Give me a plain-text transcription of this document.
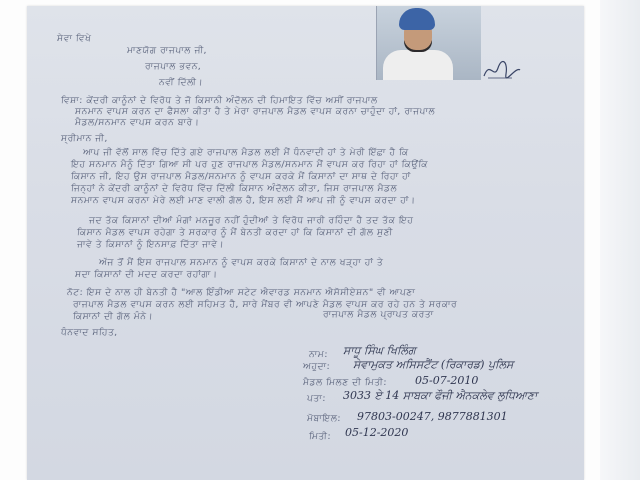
ਸੇਵਾ ਵਿਖੇ
ਮਾਣਯੋਗ ਰਾਜਪਾਲ ਜੀ,
ਰਾਜਪਾਲ ਭਵਨ,
ਨਵੀਂ ਦਿੱਲੀ।
ਵਿਸ਼ਾ: ਕੇਂਦਰੀ ਕਾਨੂੰਨਾਂ ਦੇ ਵਿਰੋਧ ਤੇ ਜੋ ਕਿਸਾਨੀ ਅੰਦੋਲਨ ਦੀ ਹਿਮਾਇਤ ਵਿੱਚ ਅਸੀਂ ਰਾਜਪਾਲ
ਸਨਮਾਨ ਵਾਪਸ ਕਰਨ ਦਾ ਫੈਸਲਾ ਕੀਤਾ ਹੈ ਤੇ ਮੇਰਾ ਰਾਜਪਾਲ ਮੈਡਲ ਵਾਪਸ ਕਰਨਾ ਚਾਹੁੰਦਾ ਹਾਂ, ਰਾਜਪਾਲ
ਮੈਡਲ/ਸਨਮਾਨ ਵਾਪਸ ਕਰਨ ਬਾਰੇ।
ਸ੍ਰੀਮਾਨ ਜੀ,
ਆਪ ਜੀ ਵੱਲੋਂ ਸਾਲ ਵਿੱਚ ਦਿੱਤੇ ਗਏ ਰਾਜਪਾਲ ਮੈਡਲ ਲਈ ਮੈਂ ਧੰਨਵਾਦੀ ਹਾਂ ਤੇ ਮੇਰੀ ਇੱਛਾ ਹੈ ਕਿ
ਇਹ ਸਨਮਾਨ ਮੈਨੂੰ ਦਿੱਤਾ ਗਿਆ ਸੀ ਪਰ ਹੁਣ ਰਾਜਪਾਲ ਮੈਡਲ/ਸਨਮਾਨ ਮੈਂ ਵਾਪਸ ਕਰ ਰਿਹਾ ਹਾਂ ਕਿਉਂਕਿ
ਕਿਸਾਨ ਜੀ, ਇਹ ਉਸ ਰਾਜਪਾਲ ਮੈਡਲ/ਸਨਮਾਨ ਨੂੰ ਵਾਪਸ ਕਰਕੇ ਮੈਂ ਕਿਸਾਨਾਂ ਦਾ ਸਾਥ ਦੇ ਰਿਹਾ ਹਾਂ
ਜਿਨ੍ਹਾਂ ਨੇ ਕੇਂਦਰੀ ਕਾਨੂੰਨਾਂ ਦੇ ਵਿਰੋਧ ਵਿੱਚ ਦਿੱਲੀ ਕਿਸਾਨ ਅੰਦੋਲਨ ਕੀਤਾ, ਜਿਸ ਰਾਜਪਾਲ ਮੈਡਲ
ਸਨਮਾਨ ਵਾਪਸ ਕਰਨਾ ਮੇਰੇ ਲਈ ਮਾਣ ਵਾਲੀ ਗੱਲ ਹੈ, ਇਸ ਲਈ ਮੈਂ ਆਪ ਜੀ ਨੂੰ ਵਾਪਸ ਕਰਦਾ ਹਾਂ।
ਜਦ ਤੱਕ ਕਿਸਾਨਾਂ ਦੀਆਂ ਮੰਗਾਂ ਮਨਜ਼ੂਰ ਨਹੀਂ ਹੁੰਦੀਆਂ ਤੇ ਵਿਰੋਧ ਜਾਰੀ ਰਹਿੰਦਾ ਹੈ ਤਦ ਤੱਕ ਇਹ
ਕਿਸਾਨ ਮੈਡਲ ਵਾਪਸ ਰਹੇਗਾ ਤੇ ਸਰਕਾਰ ਨੂੰ ਮੈਂ ਬੇਨਤੀ ਕਰਦਾ ਹਾਂ ਕਿ ਕਿਸਾਨਾਂ ਦੀ ਗੱਲ ਸੁਣੀ
ਜਾਵੇ ਤੇ ਕਿਸਾਨਾਂ ਨੂੰ ਇਨਸਾਫ਼ ਦਿੱਤਾ ਜਾਵੇ।
ਅੱਜ ਤੋਂ ਮੈਂ ਇਸ ਰਾਜਪਾਲ ਸਨਮਾਨ ਨੂੰ ਵਾਪਸ ਕਰਕੇ ਕਿਸਾਨਾਂ ਦੇ ਨਾਲ ਖੜ੍ਹਾ ਹਾਂ ਤੇ
ਸਦਾ ਕਿਸਾਨਾਂ ਦੀ ਮਦਦ ਕਰਦਾ ਰਹਾਂਗਾ।
ਨੋਟ: ਇਸ ਦੇ ਨਾਲ ਹੀ ਬੇਨਤੀ ਹੈ "ਆਲ ਇੰਡੀਆ ਸਟੇਟ ਐਵਾਰਡ ਸਨਮਾਨ ਐਸੋਸੀਏਸ਼ਨ" ਵੀ ਆਪਣਾ
ਰਾਜਪਾਲ ਮੈਡਲ ਵਾਪਸ ਕਰਨ ਲਈ ਸਹਿਮਤ ਹੈ, ਸਾਰੇ ਮੈਂਬਰ ਵੀ ਆਪਣੇ ਮੈਡਲ ਵਾਪਸ ਕਰ ਰਹੇ ਹਨ ਤੇ ਸਰਕਾਰ
ਕਿਸਾਨਾਂ ਦੀ ਗੱਲ ਮੰਨੇ।
ਧੰਨਵਾਦ ਸਹਿਤ,
ਰਾਜਪਾਲ ਮੈਡਲ ਪ੍ਰਾਪਤ ਕਰਤਾ
ਨਾਮ: ਸਾਧੂ ਸਿੰਘ ਖਿਲਿੰਗ
ਅਹੁਦਾ: ਸੇਵਾਮੁਕਤ ਅਸਿਸਟੈਂਟ (ਰਿਕਾਰਡ) ਪੁਲਿਸ
ਮੈਡਲ ਮਿਲਣ ਦੀ ਮਿਤੀ:	05-07-2010
ਪਤਾ: 3033 ਏ 14 ਸਾਬਕਾ ਫੌਜੀ ਐਨਕਲੇਵ ਲੁਧਿਆਣਾ
ਮੋਬਾਇਲ: 97803-00247, 9877881301
ਮਿਤੀ: 05-12-2020
